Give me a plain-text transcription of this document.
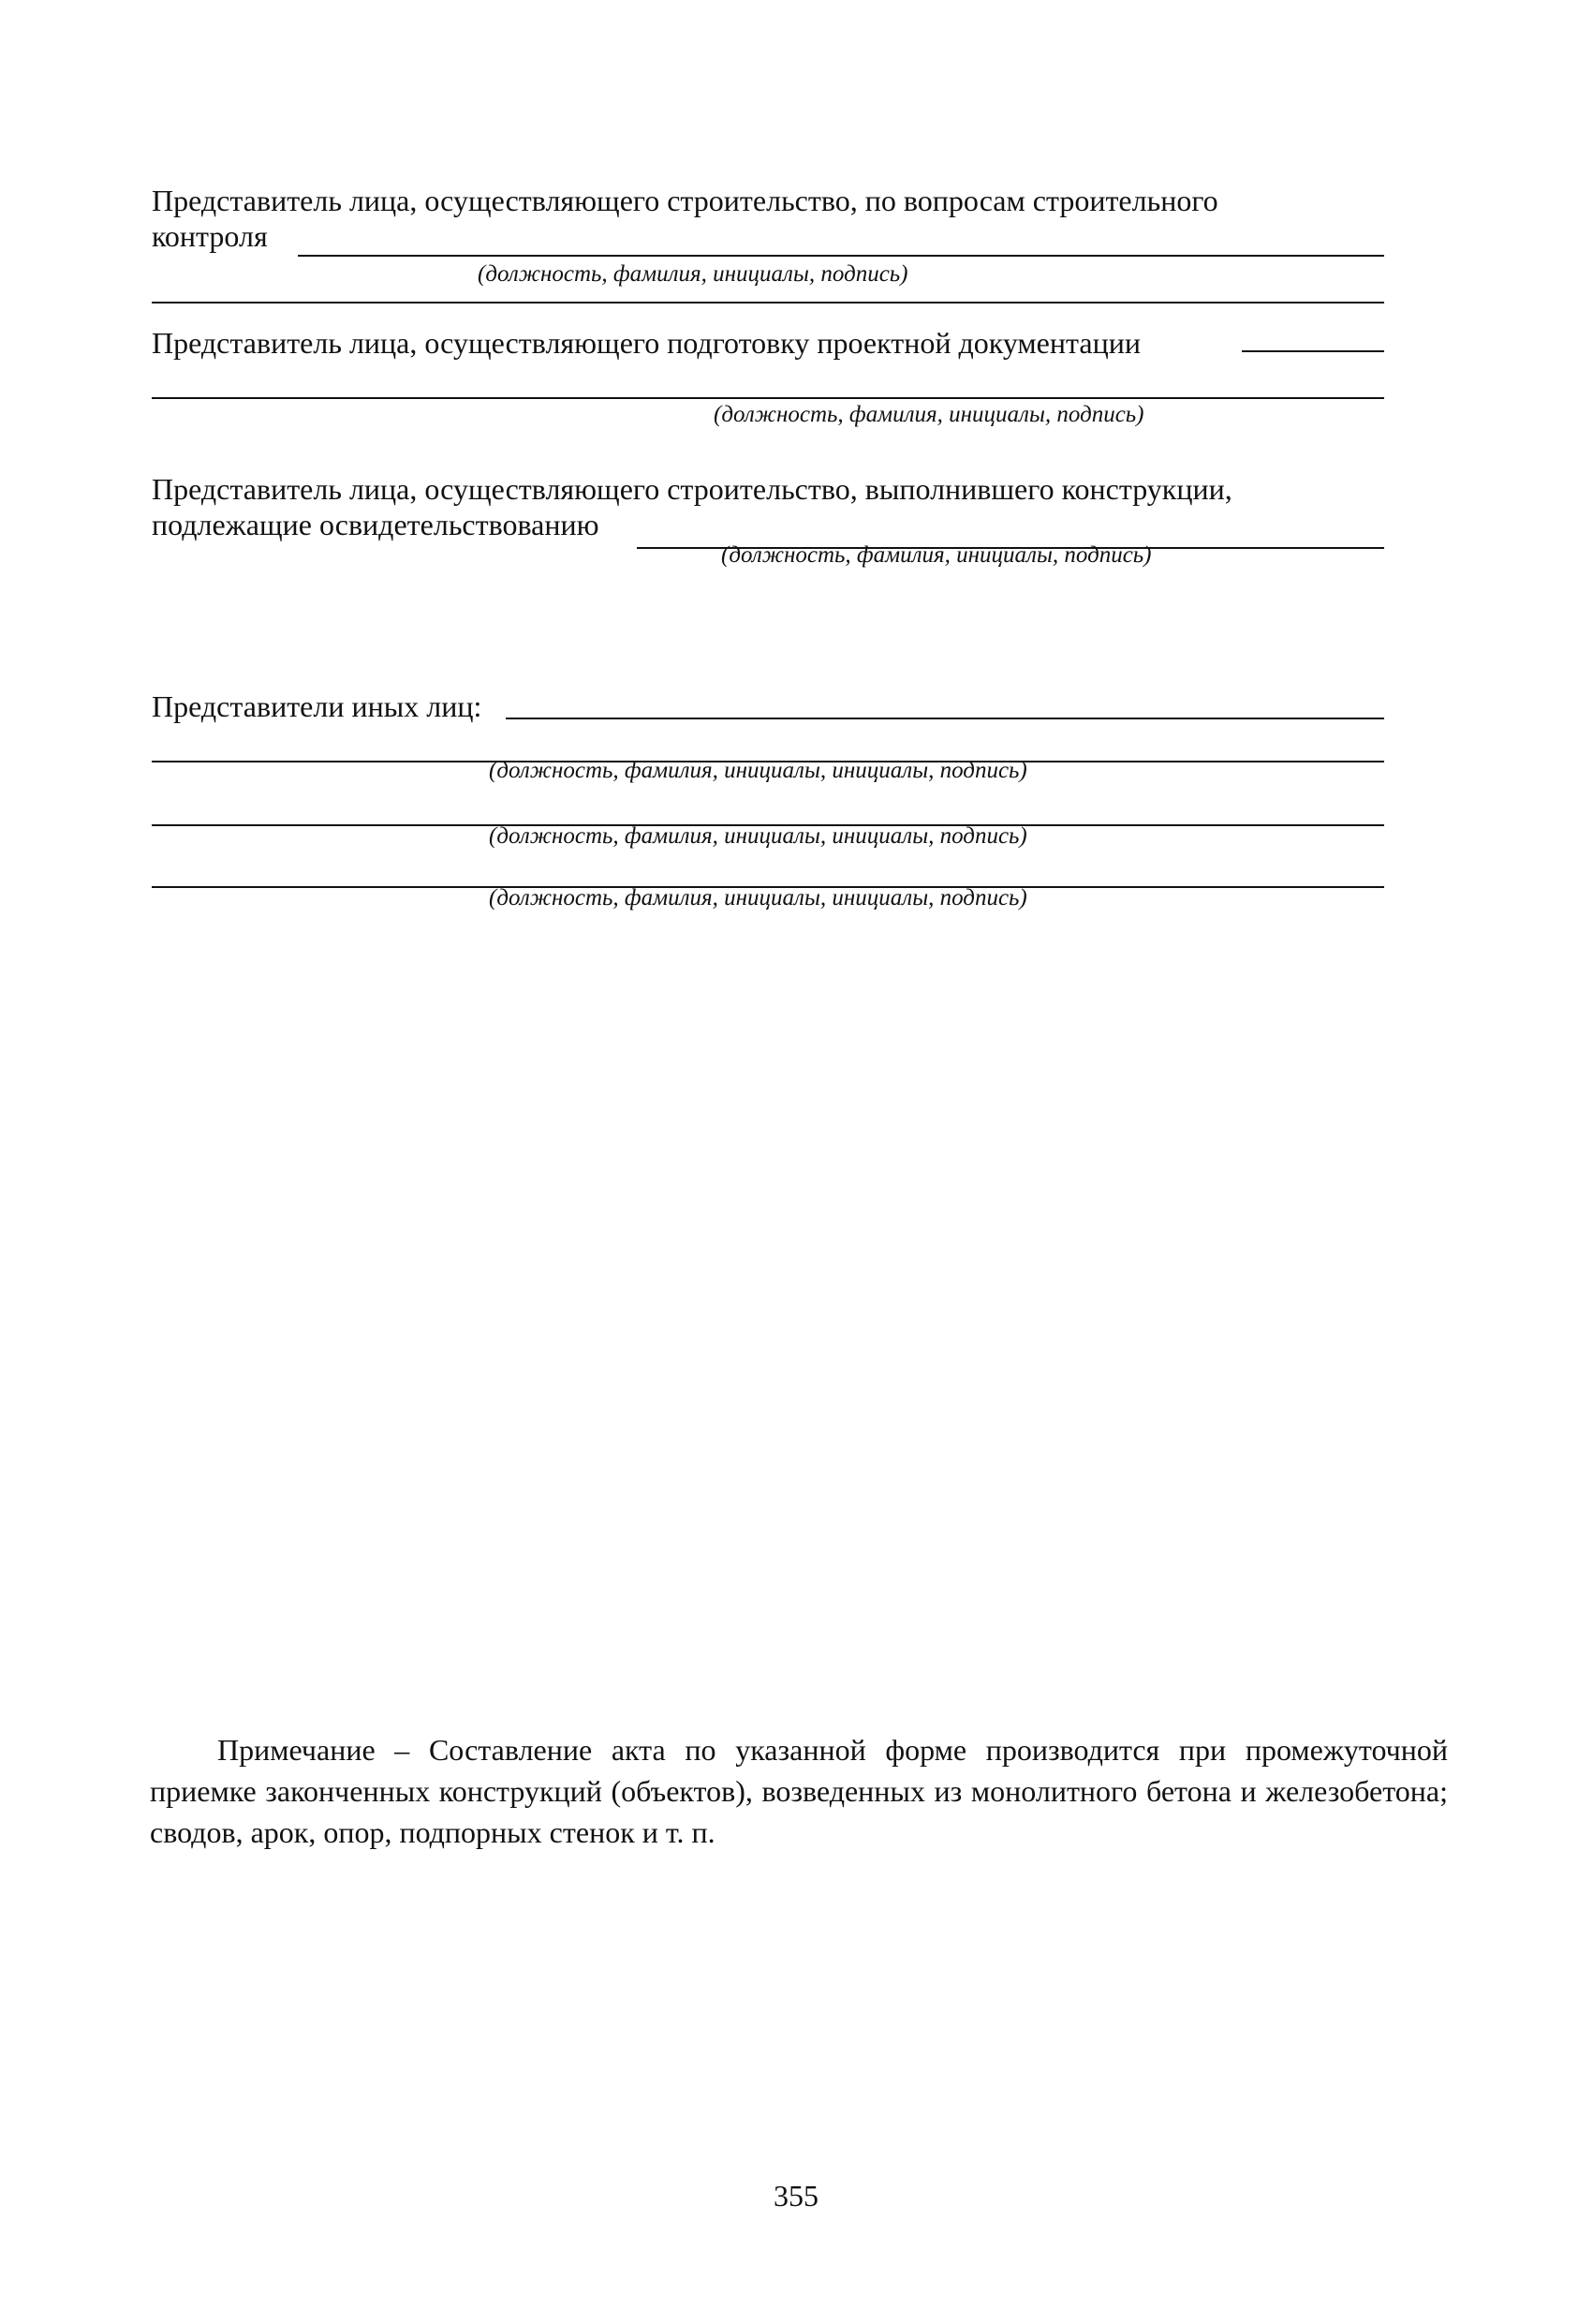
Представитель лица, осуществляющего строительство, по вопросам строительного
контроля
(должность, фамилия, инициалы, подпись)
Представитель лица, осуществляющего подготовку проектной документации
(должность, фамилия, инициалы, подпись)
Представитель лица, осуществляющего строительство, выполнившего конструкции,
подлежащие освидетельствованию
(должность, фамилия, инициалы, подпись)
Представители иных лиц:
(должность, фамилия, инициалы, инициалы, подпись)
(должность, фамилия, инициалы, инициалы, подпись)
(должность, фамилия, инициалы, инициалы, подпись)
Примечание – Составление акта по указанной форме производится при промежуточной приемке законченных конструкций (объектов), возведенных из монолитного бетона и железобетона; сводов, арок, опор, подпорных стенок и т. п.
355
